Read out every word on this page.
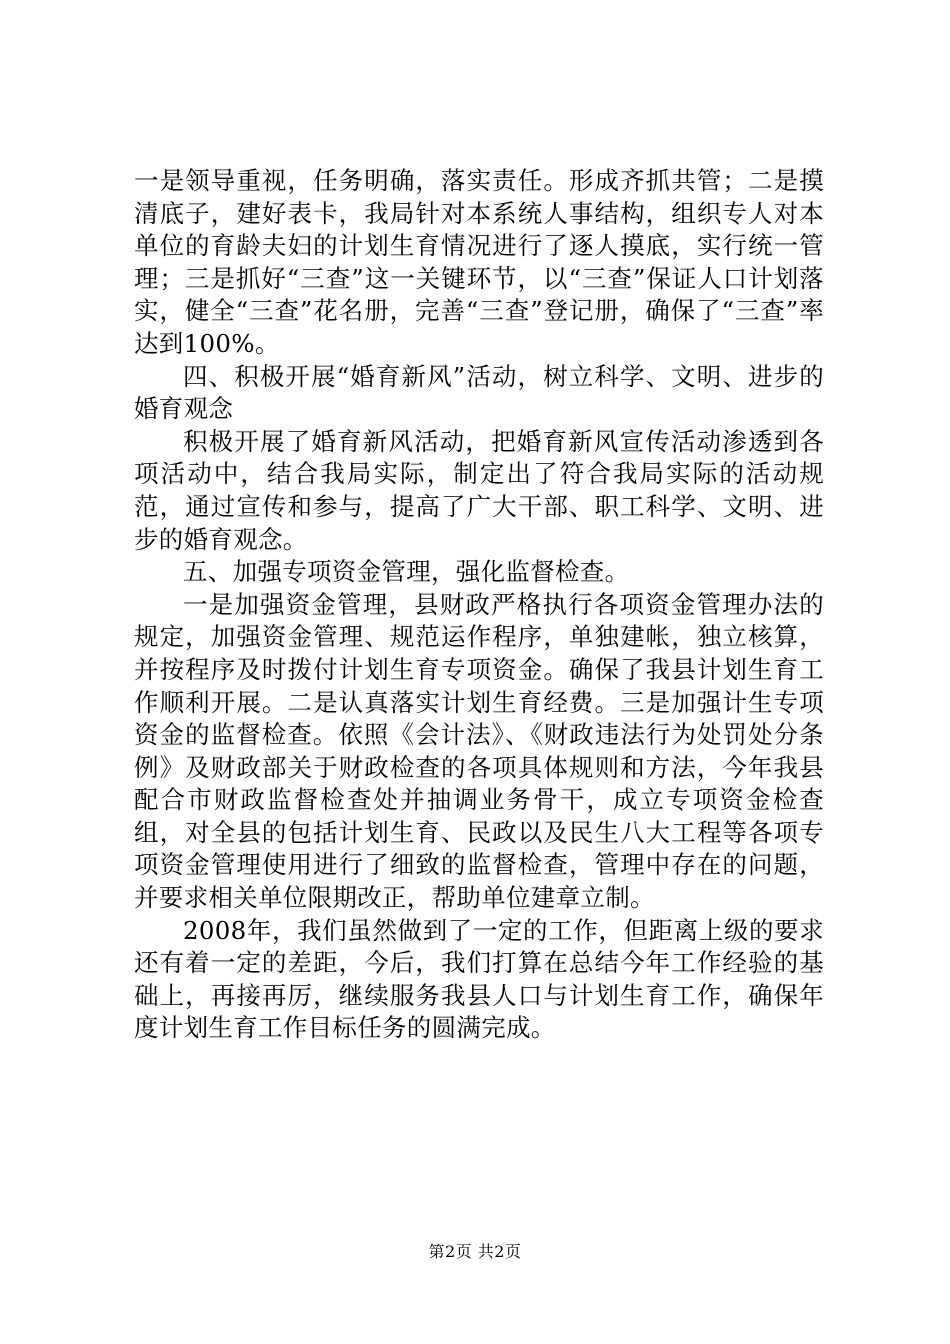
一是领导重视，任务明确，落实责任。形成齐抓共管；二是摸清底子，建好表卡，我局针对本系统人事结构，组织专人对本单位的育龄夫妇的计划生育情况进行了逐人摸底，实行统一管理；三是抓好“三查”这一关键环节，以“三查”保证人口计划落实，健全“三查”花名册，完善“三查”登记册，确保了“三查”率达到100%。

四、积极开展“婚育新风”活动，树立科学、文明、进步的婚育观念

积极开展了婚育新风活动，把婚育新风宣传活动渗透到各项活动中，结合我局实际，制定出了符合我局实际的活动规范，通过宣传和参与，提高了广大干部、职工科学、文明、进步的婚育观念。

五、加强专项资金管理，强化监督检查。

一是加强资金管理，县财政严格执行各项资金管理办法的规定，加强资金管理、规范运作程序，单独建帐，独立核算，并按程序及时拨付计划生育专项资金。确保了我县计划生育工作顺利开展。二是认真落实计划生育经费。三是加强计生专项资金的监督检查。依照《会计法》、《财政违法行为处罚处分条例》及财政部关于财政检查的各项具体规则和方法，今年我县配合市财政监督检查处并抽调业务骨干，成立专项资金检查组，对全县的包括计划生育、民政以及民生八大工程等各项专项资金管理使用进行了细致的监督检查，管理中存在的问题，并要求相关单位限期改正，帮助单位建章立制。

2008年，我们虽然做到了一定的工作，但距离上级的要求还有着一定的差距，今后，我们打算在总结今年工作经验的基础上，再接再厉，继续服务我县人口与计划生育工作，确保年度计划生育工作目标任务的圆满完成。

第2页 共2页
